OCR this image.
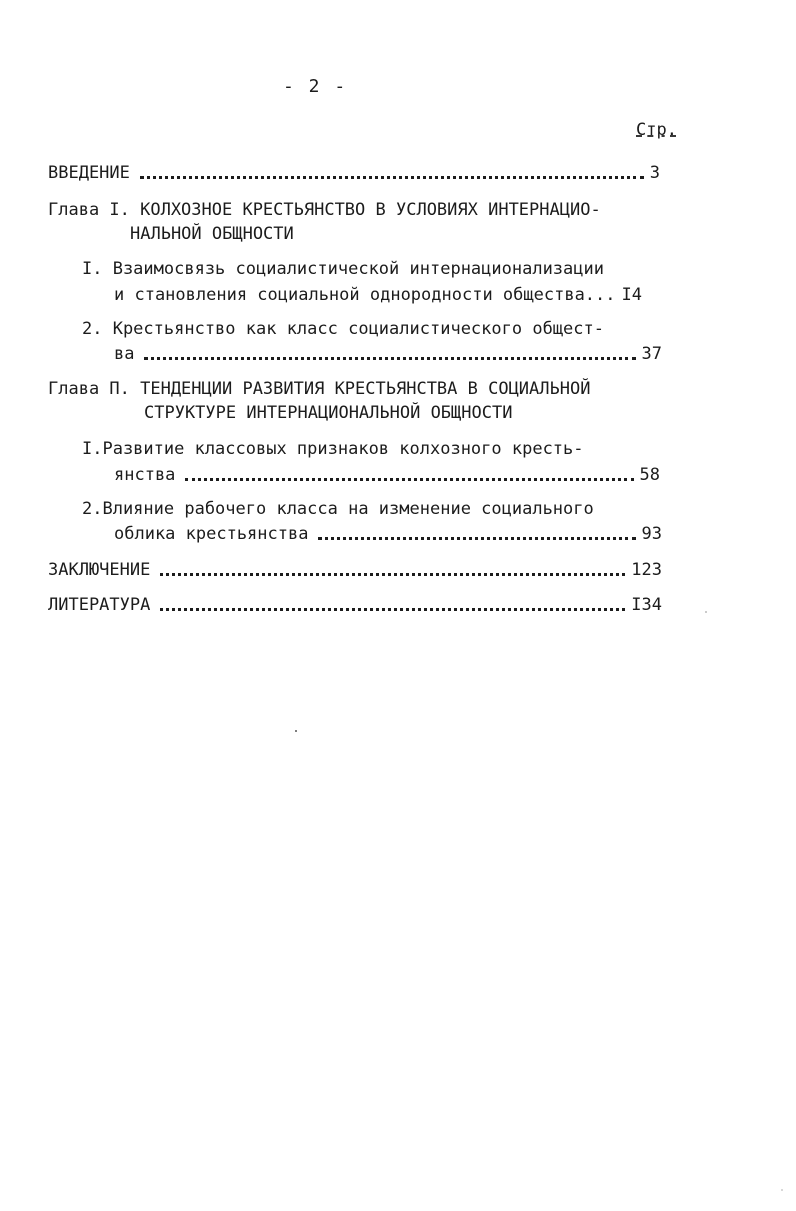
- 2 -
Стр.
ВВЕДЕНИЕ	3
Глава I. КОЛХОЗНОЕ КРЕСТЬЯНСТВО В УСЛОВИЯХ ИНТЕРНАЦИО-
НАЛЬНОЙ ОБЩНОСТИ
I. Взаимосвязь социалистической интернационализации
и становления социальной однородности общества... I4
2. Крестьянство как класс социалистического общест-
ва	37
Глава П. ТЕНДЕНЦИИ РАЗВИТИЯ КРЕСТЬЯНСТВА В СОЦИАЛЬНОЙ
СТРУКТУРЕ ИНТЕРНАЦИОНАЛЬНОЙ ОБЩНОСТИ
I.Развитие классовых признаков колхозного кресть-
янства	58
2.Влияние рабочего класса на изменение социального
облика крестьянства	93
ЗАКЛЮЧЕНИЕ	123
ЛИТЕРАТУРА	I34
